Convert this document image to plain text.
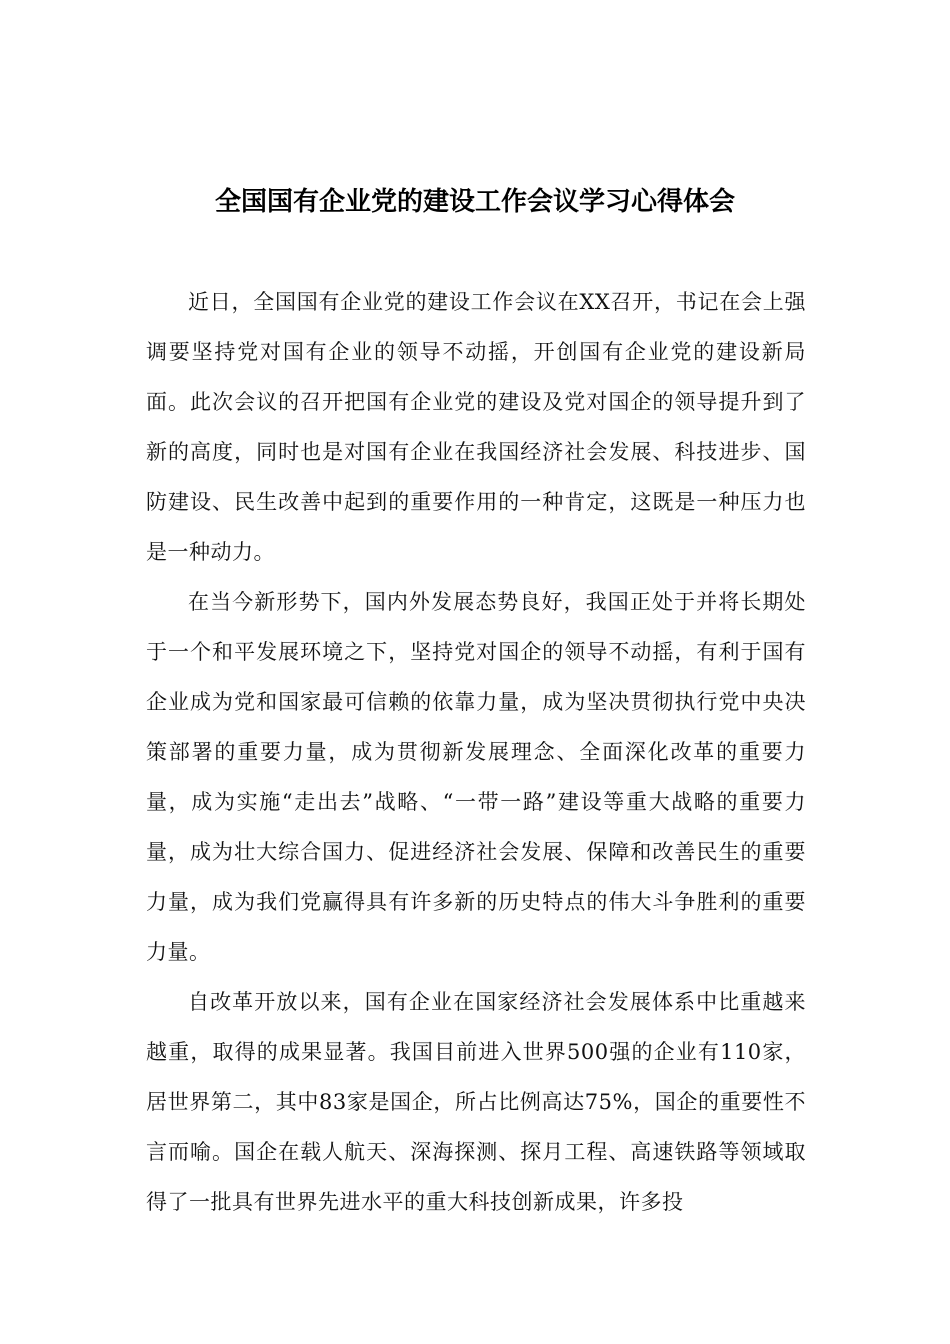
全国国有企业党的建设工作会议学习心得体会

近日，全国国有企业党的建设工作会议在XX召开，书记在会上强调要坚持党对国有企业的领导不动摇，开创国有企业党的建设新局面。此次会议的召开把国有企业党的建设及党对国企的领导提升到了新的高度，同时也是对国有企业在我国经济社会发展、科技进步、国防建设、民生改善中起到的重要作用的一种肯定，这既是一种压力也是一种动力。

在当今新形势下，国内外发展态势良好，我国正处于并将长期处于一个和平发展环境之下，坚持党对国企的领导不动摇，有利于国有企业成为党和国家最可信赖的依靠力量，成为坚决贯彻执行党中央决策部署的重要力量，成为贯彻新发展理念、全面深化改革的重要力量，成为实施“走出去”战略、“一带一路”建设等重大战略的重要力量，成为壮大综合国力、促进经济社会发展、保障和改善民生的重要力量，成为我们党赢得具有许多新的历史特点的伟大斗争胜利的重要力量。

自改革开放以来，国有企业在国家经济社会发展体系中比重越来越重，取得的成果显著。我国目前进入世界500强的企业有110家，居世界第二，其中83家是国企，所占比例高达75%，国企的重要性不言而喻。国企在载人航天、深海探测、探月工程、高速铁路等领域取得了一批具有世界先进水平的重大科技创新成果，许多投
